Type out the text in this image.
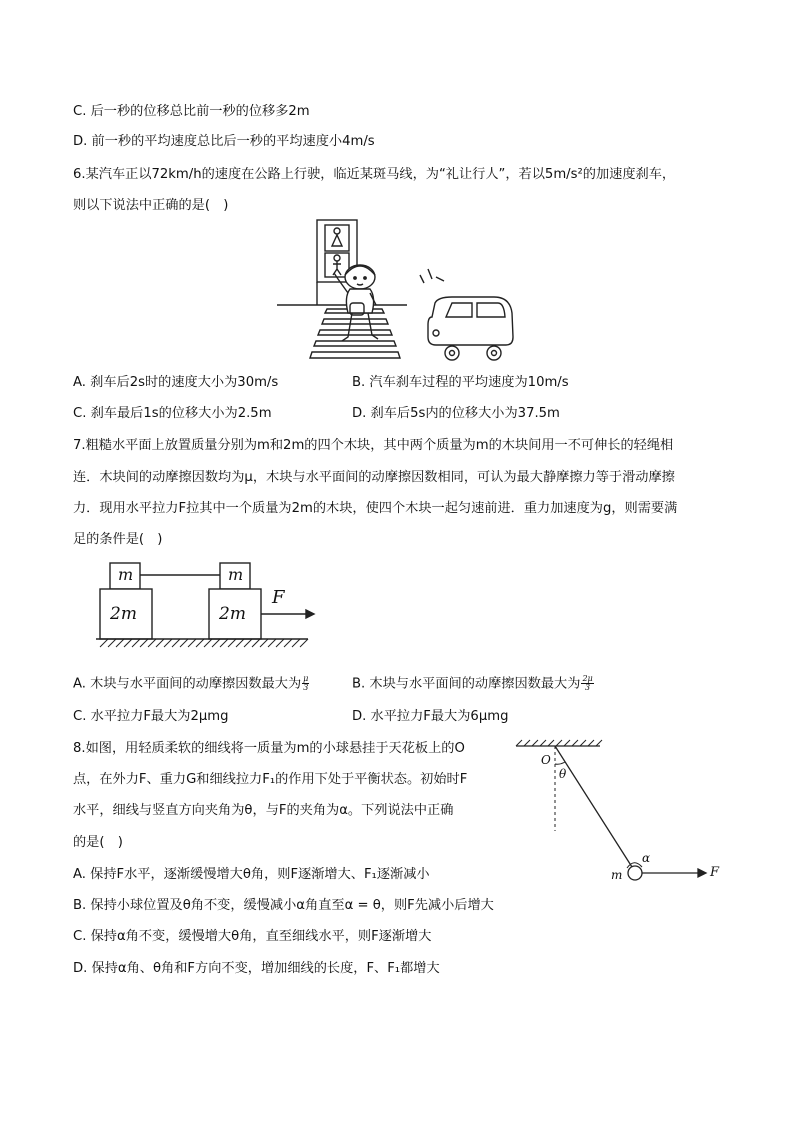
C. 后一秒的位移总比前一秒的位移多2m
D. 前一秒的平均速度总比后一秒的平均速度小4m/s
6.某汽车正以72km/h的速度在公路上行驶，临近某斑马线，为“礼让行人”，若以5m/s²的加速度刹车，
则以下说法中正确的是(　)
A. 刹车后2s时的速度大小为30m/s	B. 汽车刹车过程的平均速度为10m/s
C. 刹车最后1s的位移大小为2.5m	D. 刹车后5s内的位移大小为37.5m
7.粗糙水平面上放置质量分别为m和2m的四个木块，其中两个质量为m的木块间用一不可伸长的轻绳相
连．木块间的动摩擦因数均为μ，木块与水平面间的动摩擦因数相同，可认为最大静摩擦力等于滑动摩擦
力．现用水平拉力F拉其中一个质量为2m的木块，使四个木块一起匀速前进．重力加速度为g，则需要满
足的条件是(　)
m
2m
m
2m
F
A. 木块与水平面间的动摩擦因数最大为 $\frac{\mu}{3}$	B. 木块与水平面间的动摩擦因数最大为 $\frac{2\mu}{3}$
C. 水平拉力F最大为2μmg	D. 水平拉力F最大为6μmg
8.如图，用轻质柔软的细线将一质量为m的小球悬挂于天花板上的O
点，在外力F、重力G和细线拉力F₁的作用下处于平衡状态。初始时F
水平，细线与竖直方向夹角为θ，与F的夹角为α。下列说法中正确
的是(　)
O
θ
α
m	F
A. 保持F水平，逐渐缓慢增大θ角，则F逐渐增大、F₁逐渐减小
B. 保持小球位置及θ角不变，缓慢减小α角直至α = θ，则F先减小后增大
C. 保持α角不变，缓慢增大θ角，直至细线水平，则F逐渐增大
D. 保持α角、θ角和F方向不变，增加细线的长度，F、F₁都增大
